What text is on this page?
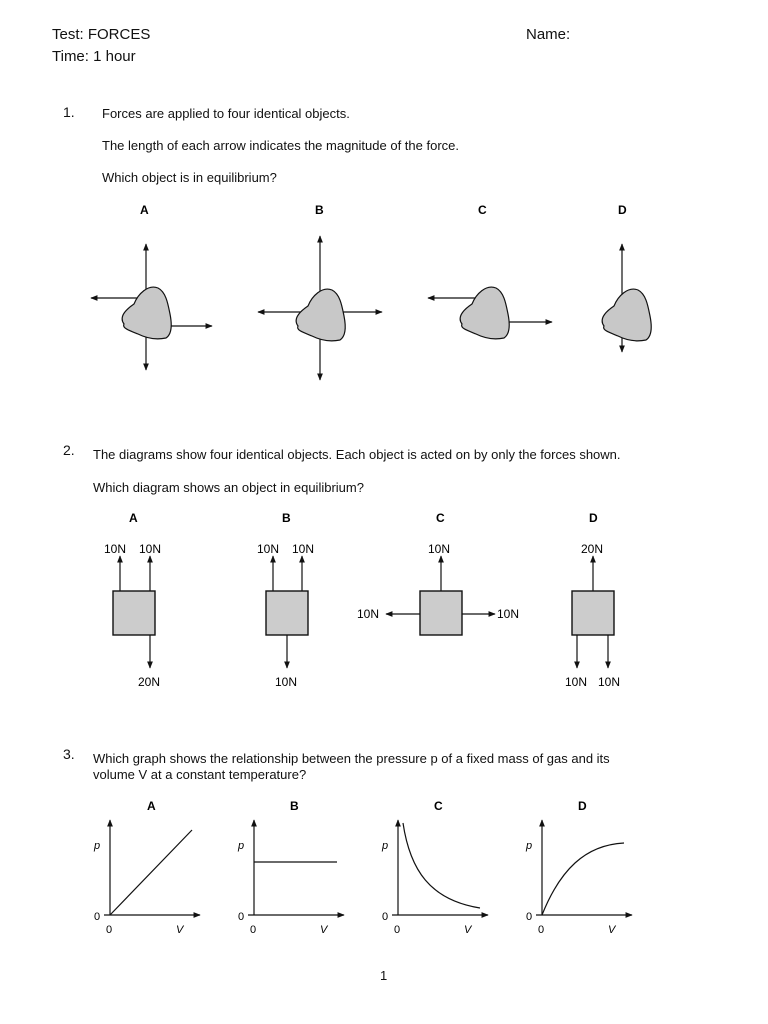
Test: FORCES
Time: 1 hour
Name:
1. Forces are applied to four identical objects.
The length of each arrow indicates the magnitude of the force.
Which object is in equilibrium?
2. The diagrams show four identical objects. Each object is acted on by only the forces shown.
Which diagram shows an object in equilibrium?
3. Which graph shows the relationship between the pressure p of a fixed mass of gas and its
volume V at a constant temperature?
1
A	B	C	D
A	B	C	D
10N 10N
20N
10N 10N
10N
10N
10N	10N
20N
10N 10N
A	B	C	D
p
0
0	V
p
0
0	V
p
0
0	V
p
0
0	V
